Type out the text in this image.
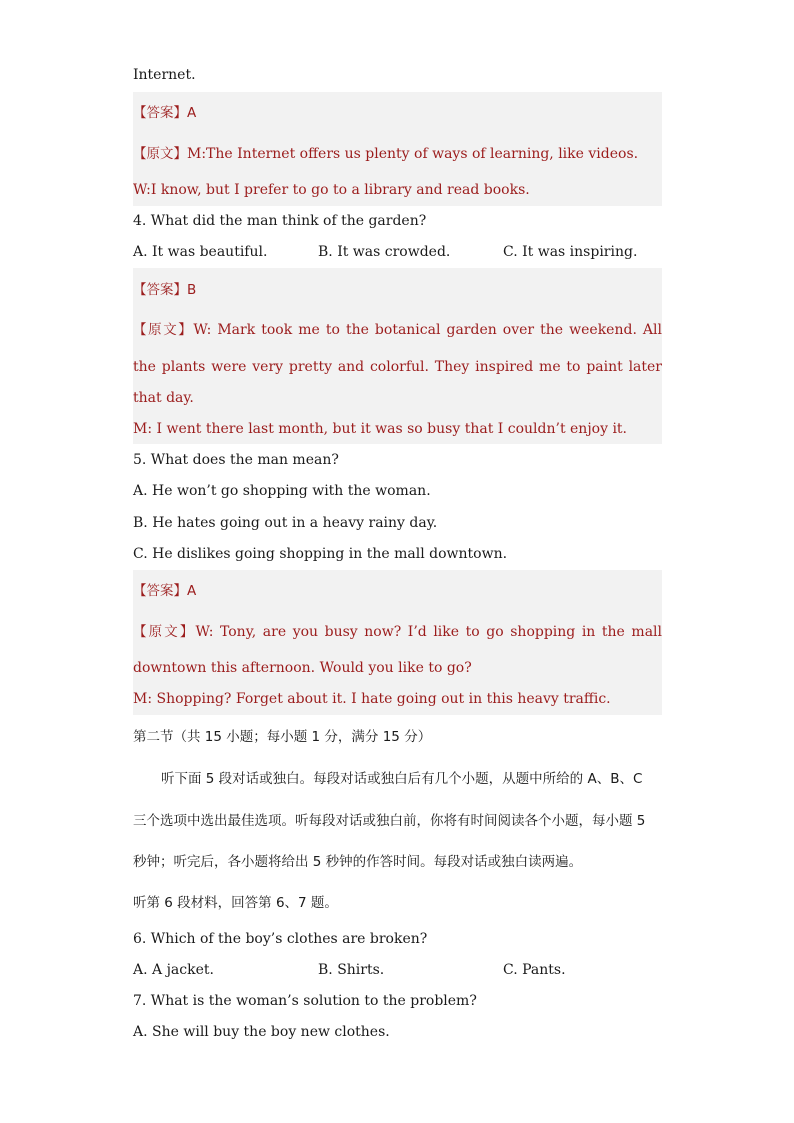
Internet.
【答案】A
【原文】M:The Internet offers us plenty of ways of learning, like videos.
W:I know, but I prefer to go to a library and read books.
4. What did the man think of the garden?
A. It was beautiful.	B. It was crowded.	C. It was inspiring.
【答案】B
【原文】W: Mark took me to the botanical garden over the weekend. All
the plants were very pretty and colorful. They inspired me to paint later
that day.
M: I went there last month, but it was so busy that I couldn’t enjoy it.
5. What does the man mean?
A. He won’t go shopping with the woman.
B. He hates going out in a heavy rainy day.
C. He dislikes going shopping in the mall downtown.
【答案】A
【原文】W: Tony, are you busy now? I’d like to go shopping in the mall
downtown this afternoon. Would you like to go?
M: Shopping? Forget about it. I hate going out in this heavy traffic.
第二节（共 15 小题；每小题 1 分，满分 15 分）
听下面 5 段对话或独白。每段对话或独白后有几个小题，从题中所给的 A、B、C
三个选项中选出最佳选项。听每段对话或独白前，你将有时间阅读各个小题，每小题 5
秒钟；听完后，各小题将给出 5 秒钟的作答时间。每段对话或独白读两遍。
听第 6 段材料，回答第 6、7 题。
6. Which of the boy’s clothes are broken?
A. A jacket.	B. Shirts.	C. Pants.
7. What is the woman’s solution to the problem?
A. She will buy the boy new clothes.
